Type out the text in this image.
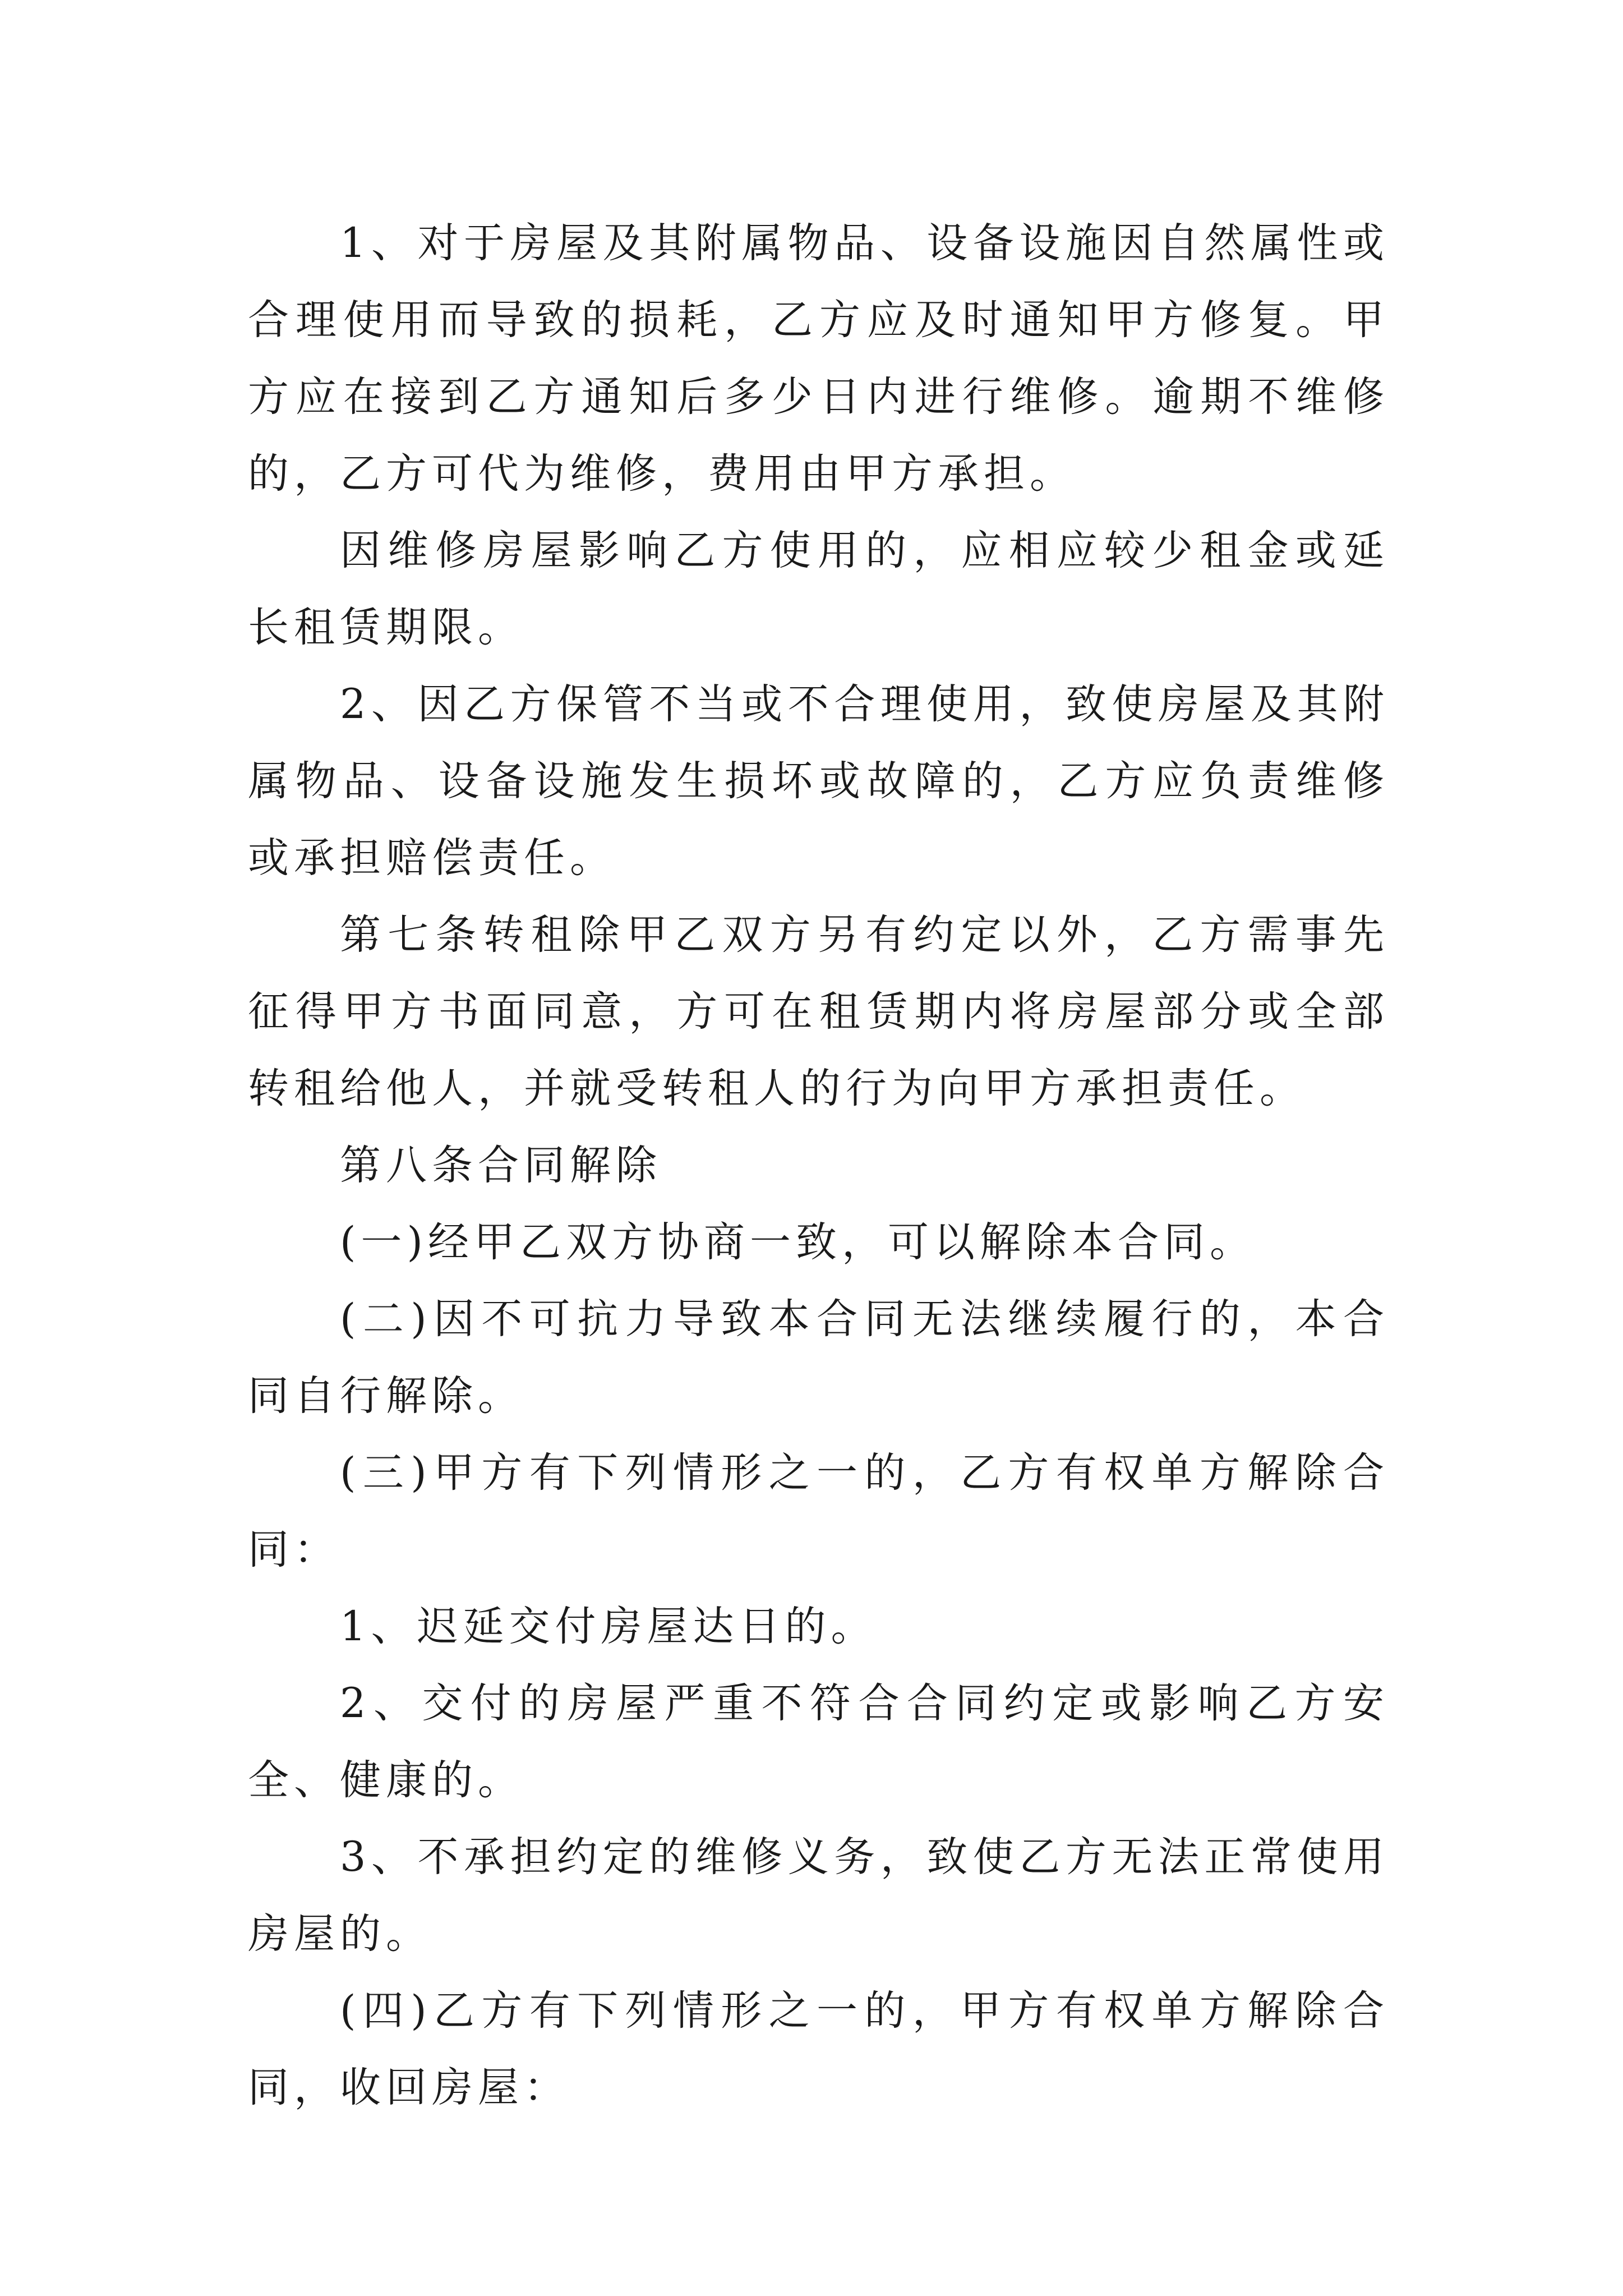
1、对于房屋及其附属物品、设备设施因自然属性或合理使用而导致的损耗，乙方应及时通知甲方修复。甲方应在接到乙方通知后多少日内进行维修。逾期不维修的，乙方可代为维修，费用由甲方承担。

因维修房屋影响乙方使用的，应相应较少租金或延长租赁期限。

2、因乙方保管不当或不合理使用，致使房屋及其附属物品、设备设施发生损坏或故障的，乙方应负责维修或承担赔偿责任。

第七条转租除甲乙双方另有约定以外，乙方需事先征得甲方书面同意，方可在租赁期内将房屋部分或全部转租给他人，并就受转租人的行为向甲方承担责任。

第八条合同解除

(一)经甲乙双方协商一致，可以解除本合同。

(二)因不可抗力导致本合同无法继续履行的，本合同自行解除。

(三)甲方有下列情形之一的，乙方有权单方解除合同：

1、迟延交付房屋达日的。

2、交付的房屋严重不符合合同约定或影响乙方安全、健康的。

3、不承担约定的维修义务，致使乙方无法正常使用房屋的。

(四)乙方有下列情形之一的，甲方有权单方解除合同，收回房屋：
